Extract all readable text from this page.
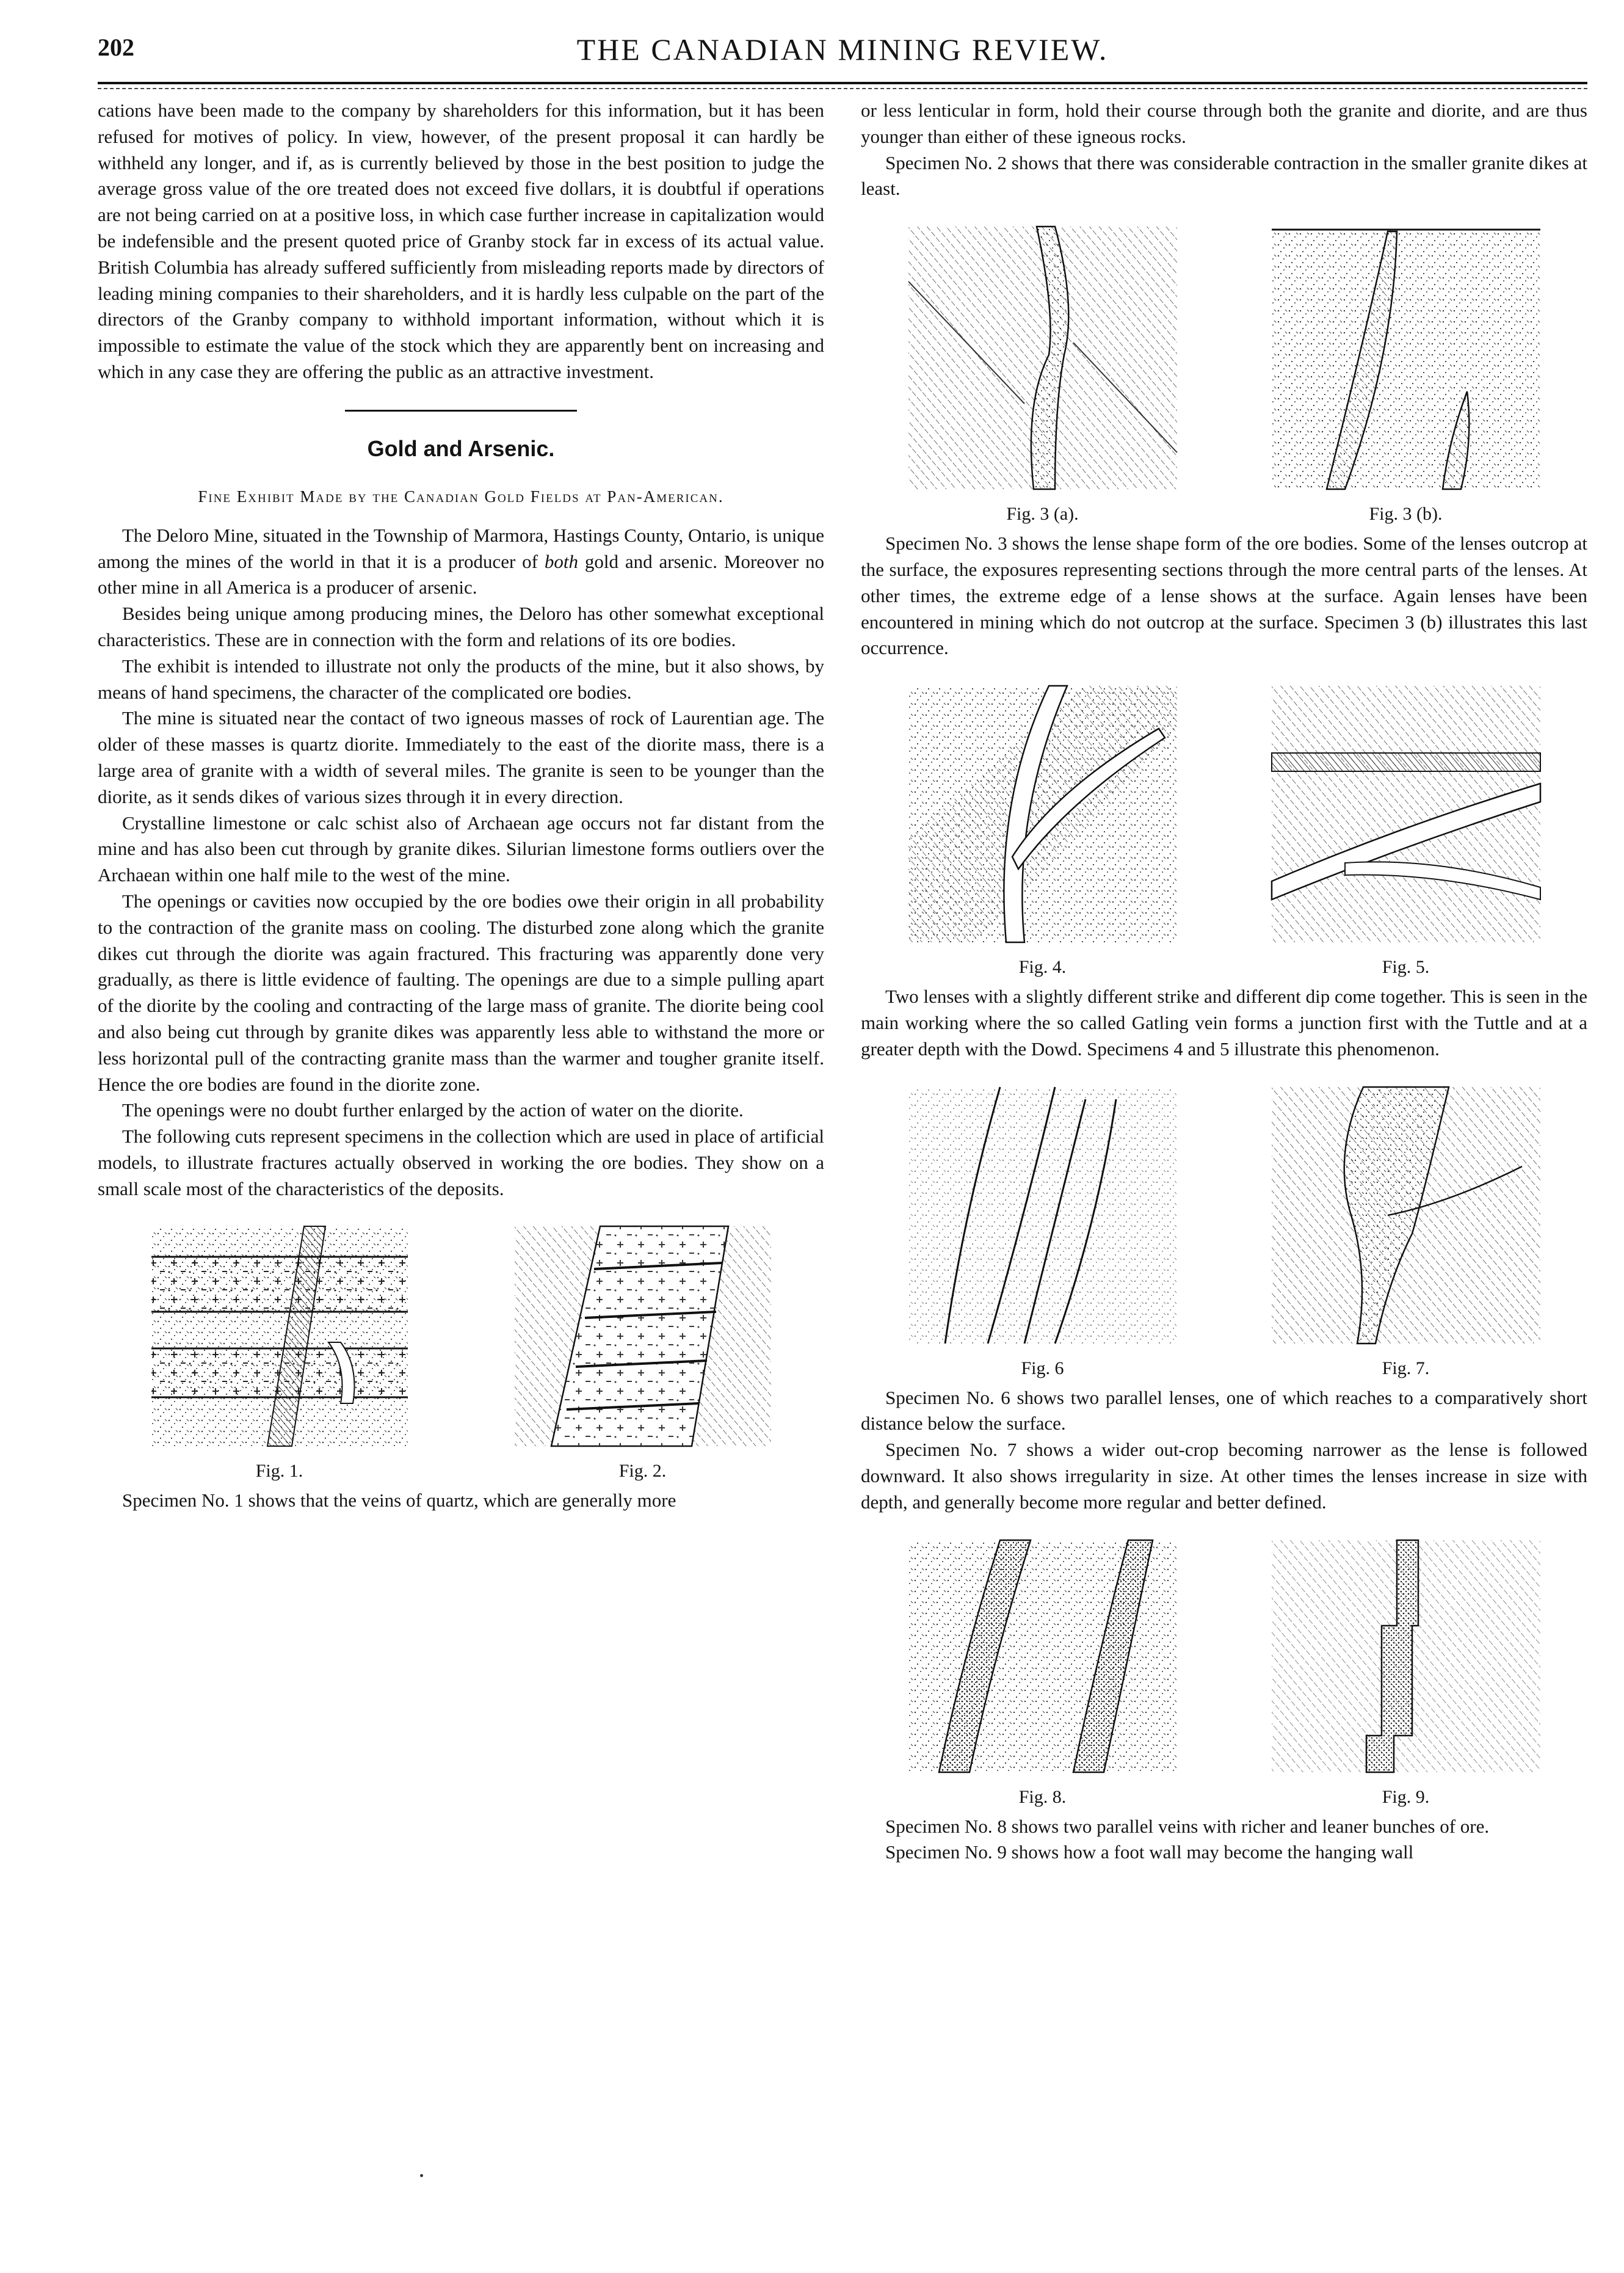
202	THE CANADIAN MINING REVIEW.

cations have been made to the company by shareholders for this information, but it has been refused for motives of policy. In view, however, of the present proposal it can hardly be withheld any longer, and if, as is currently believed by those in the best position to judge the average gross value of the ore treated does not exceed five dollars, it is doubtful if operations are not being carried on at a positive loss, in which case further increase in capitalization would be indefensible and the present quoted price of Granby stock far in excess of its actual value. British Columbia has already suffered sufficiently from misleading reports made by directors of leading mining companies to their shareholders, and it is hardly less culpable on the part of the directors of the Granby company to withhold important information, without which it is impossible to estimate the value of the stock which they are apparently bent on increasing and which in any case they are offering the public as an attractive investment.

Gold and Arsenic.
Fine Exhibit Made by the Canadian Gold Fields at Pan-American.

The Deloro Mine, situated in the Township of Marmora, Hastings County, Ontario, is unique among the mines of the world in that it is a producer of both gold and arsenic. Moreover no other mine in all America is a producer of arsenic.

Besides being unique among producing mines, the Deloro has other somewhat exceptional characteristics. These are in connection with the form and relations of its ore bodies.

The exhibit is intended to illustrate not only the products of the mine, but it also shows, by means of hand specimens, the character of the complicated ore bodies.

The mine is situated near the contact of two igneous masses of rock of Laurentian age. The older of these masses is quartz diorite. Immediately to the east of the diorite mass, there is a large area of granite with a width of several miles. The granite is seen to be younger than the diorite, as it sends dikes of various sizes through it in every direction.

Crystalline limestone or calc schist also of Archaean age occurs not far distant from the mine and has also been cut through by granite dikes. Silurian limestone forms outliers over the Archaean within one half mile to the west of the mine.

The openings or cavities now occupied by the ore bodies owe their origin in all probability to the contraction of the granite mass on cooling. The disturbed zone along which the granite dikes cut through the diorite was again fractured. This fracturing was apparently done very gradually, as there is little evidence of faulting. The openings are due to a simple pulling apart of the diorite by the cooling and contracting of the large mass of granite. The diorite being cool and also being cut through by granite dikes was apparently less able to withstand the more or less horizontal pull of the contracting granite mass than the warmer and tougher granite itself. Hence the ore bodies are found in the diorite zone.

The openings were no doubt further enlarged by the action of water on the diorite.

The following cuts represent specimens in the collection which are used in place of artificial models, to illustrate fractures actually observed in working the ore bodies. They show on a small scale most of the characteristics of the deposits.

Fig. 1.	Fig. 2.

Specimen No. 1 shows that the veins of quartz, which are generally more

or less lenticular in form, hold their course through both the granite and diorite, and are thus younger than either of these igneous rocks.

Specimen No. 2 shows that there was considerable contraction in the smaller granite dikes at least.

Fig. 3 (a).	Fig. 3 (b).

Specimen No. 3 shows the lense shape form of the ore bodies. Some of the lenses outcrop at the surface, the exposures representing sections through the more central parts of the lenses. At other times, the extreme edge of a lense shows at the surface. Again lenses have been encountered in mining which do not outcrop at the surface. Specimen 3 (b) illustrates this last occurrence.

Fig. 4.	Fig. 5.

Two lenses with a slightly different strike and different dip come together. This is seen in the main working where the so called Gatling vein forms a junction first with the Tuttle and at a greater depth with the Dowd. Specimens 4 and 5 illustrate this phenomenon.

Fig. 6	Fig. 7.

Specimen No. 6 shows two parallel lenses, one of which reaches to a comparatively short distance below the surface.

Specimen No. 7 shows a wider out-crop becoming narrower as the lense is followed downward. It also shows irregularity in size. At other times the lenses increase in size with depth, and generally become more regular and better defined.

Fig. 8.	Fig. 9.

Specimen No. 8 shows two parallel veins with richer and leaner bunches of ore.

Specimen No. 9 shows how a foot wall may become the hanging wall
